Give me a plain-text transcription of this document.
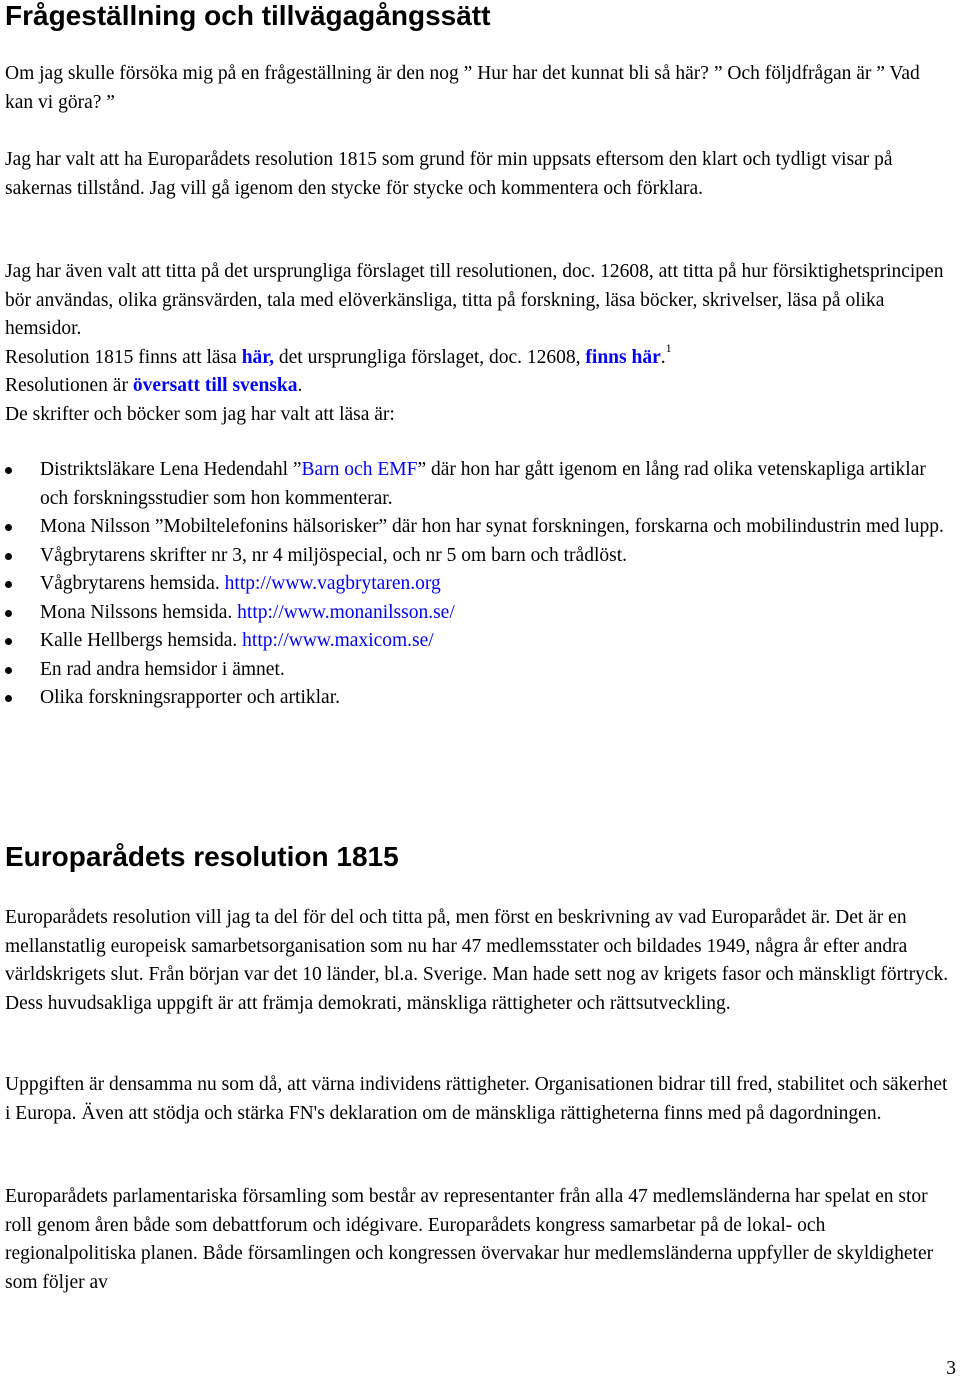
Frågeställning och tillvägagångssätt

Om jag skulle försöka mig på en frågeställning är den nog ” Hur har det kunnat bli så här? ” Och följdfrågan är ” Vad kan vi göra? ”

Jag har valt att ha Europarådets resolution 1815 som grund för min uppsats eftersom den klart och tydligt visar på sakernas tillstånd. Jag vill gå igenom den stycke för stycke och kommentera och förklara.

Jag har även valt att titta på det ursprungliga förslaget till resolutionen, doc. 12608, att titta på hur försiktighetsprincipen bör användas, olika gränsvärden, tala med elöverkänsliga, titta på forskning, läsa böcker, skrivelser, läsa på olika hemsidor.

Resolution 1815 finns att läsa här, det ursprungliga förslaget, doc. 12608, finns här.$^1$

Resolutionen är översatt till svenska.

De skrifter och böcker som jag har valt att läsa är:

Distriktsläkare Lena Hedendahl ”Barn och EMF” där hon har gått igenom en lång rad olika vetenskapliga artiklar och forskningsstudier som hon kommenterar.
Mona Nilsson ”Mobiltelefonins hälsorisker” där hon har synat forskningen, forskarna och mobilindustrin med lupp.
Vågbrytarens skrifter nr 3, nr 4 miljöspecial, och nr 5 om barn och trådlöst.
Vågbrytarens hemsida. http://www.vagbrytaren.org
Mona Nilssons hemsida. http://www.monanilsson.se/
Kalle Hellbergs hemsida. http://www.maxicom.se/
En rad andra hemsidor i ämnet.
Olika forskningsrapporter och artiklar.
Europarådets resolution 1815

Europarådets resolution vill jag ta del för del och titta på, men först en beskrivning av vad Europarådet är. Det är en mellanstatlig europeisk samarbetsorganisation som nu har 47 medlemsstater och bildades 1949, några år efter andra världskrigets slut. Från början var det 10 länder, bl.a. Sverige. Man hade sett nog av krigets fasor och mänskligt förtryck. Dess huvudsakliga uppgift är att främja demokrati, mänskliga rättigheter och rättsutveckling.

Uppgiften är densamma nu som då, att värna individens rättigheter. Organisationen bidrar till fred, stabilitet och säkerhet i Europa. Även att stödja och stärka FN's deklaration om de mänskliga rättigheterna finns med på dagordningen.

Europarådets parlamentariska församling som består av representanter från alla 47 medlemsländerna har spelat en stor roll genom åren både som debattforum och idégivare. Europarådets kongress samarbetar på de lokal- och regionalpolitiska planen. Både församlingen och kongressen övervakar hur medlemsländerna uppfyller de skyldigheter som följer av

3
